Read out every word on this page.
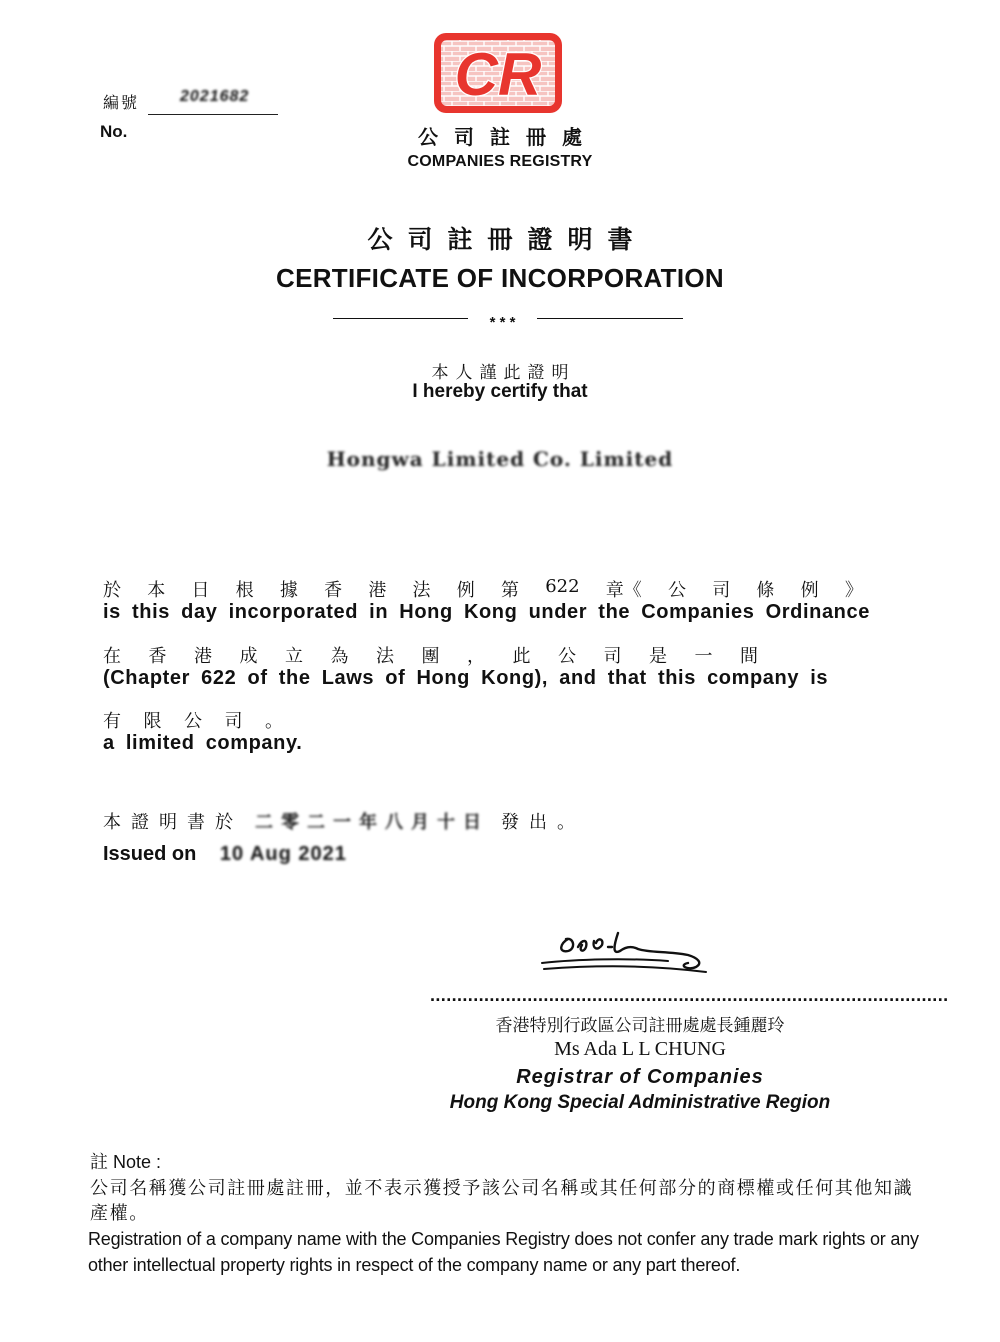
編號	2021682
No.
CR
公司註冊處
COMPANIES REGISTRY
公司註冊證明書
CERTIFICATE OF INCORPORATION
* * *
本人謹此證明
I hereby certify that
Hongwa Limited Co. Limited
於 本 日 根 據 香 港 法 例 第 622 章《 公 司 條 例 》
is this day incorporated in Hong Kong under the Companies Ordinance
在 香 港 成 立 為 法 團 ， 此 公 司 是 一 間
(Chapter 622 of the Laws of Hong Kong), and that this company is
有 限 公 司 。
a limited company.
本證明書於 二零二一年八月十日 發出。
Issued on 10 Aug 2021
................................................................................................
香港特別行政區公司註冊處處長鍾麗玲
Ms Ada L L CHUNG
Registrar of Companies
Hong Kong Special Administrative Region
註 Note :
公司名稱獲公司註冊處註冊，並不表示獲授予該公司名稱或其任何部分的商標權或任何其他知識產權。
Registration of a company name with the Companies Registry does not confer any trade mark rights or any other intellectual property rights in respect of the company name or any part thereof.
